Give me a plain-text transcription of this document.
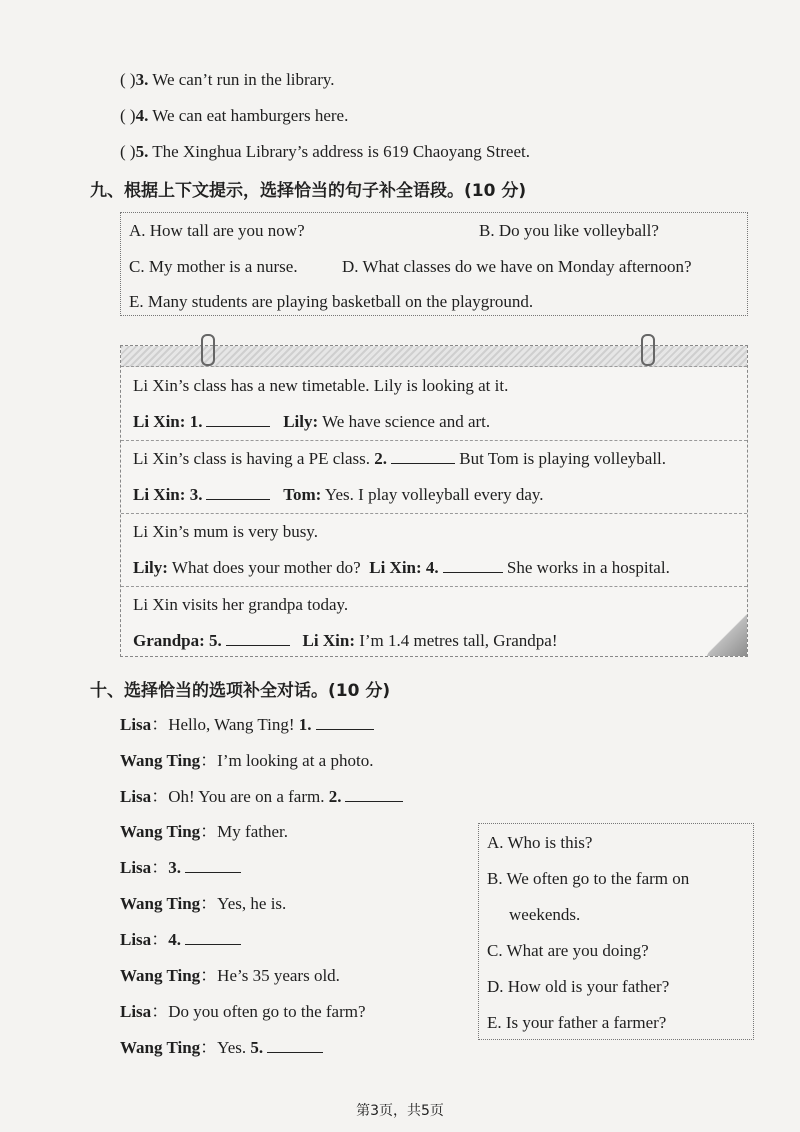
( )3. We can’t run in the library.
( )4. We can eat hamburgers here.
( )5. The Xinghua Library’s address is 619 Chaoyang Street.
九、根据上下文提示，选择恰当的句子补全语段。(10 分)
A. How tall are you now?	B. Do you like volleyball?
C. My mother is a nurse.	D. What classes do we have on Monday afternoon?
E. Many students are playing basketball on the playground.
Li Xin’s class has a new timetable. Lily is looking at it.
Li Xin: 1.	Lily: We have science and art.
Li Xin’s class is having a PE class. 2.	But Tom is playing volleyball.
Li Xin: 3.	Tom: Yes. I play volleyball every day.
Li Xin’s mum is very busy.
Lily: What does your mother do? Li Xin: 4.	She works in a hospital.
Li Xin visits her grandpa today.
Grandpa: 5.	Li Xin: I’m 1.4 metres tall, Grandpa!
十、选择恰当的选项补全对话。(10 分)
Lisa：Hello, Wang Ting! 1.
Wang Ting：I’m looking at a photo.
Lisa：Oh! You are on a farm. 2.
Wang Ting：My father.
Lisa：3.
Wang Ting：Yes, he is.
Lisa：4.
Wang Ting：He’s 35 years old.
Lisa：Do you often go to the farm?
Wang Ting：Yes. 5.
A. Who is this?
B. We often go to the farm on
weekends.
C. What are you doing?
D. How old is your father?
E. Is your father a farmer?
第3页，共5页
